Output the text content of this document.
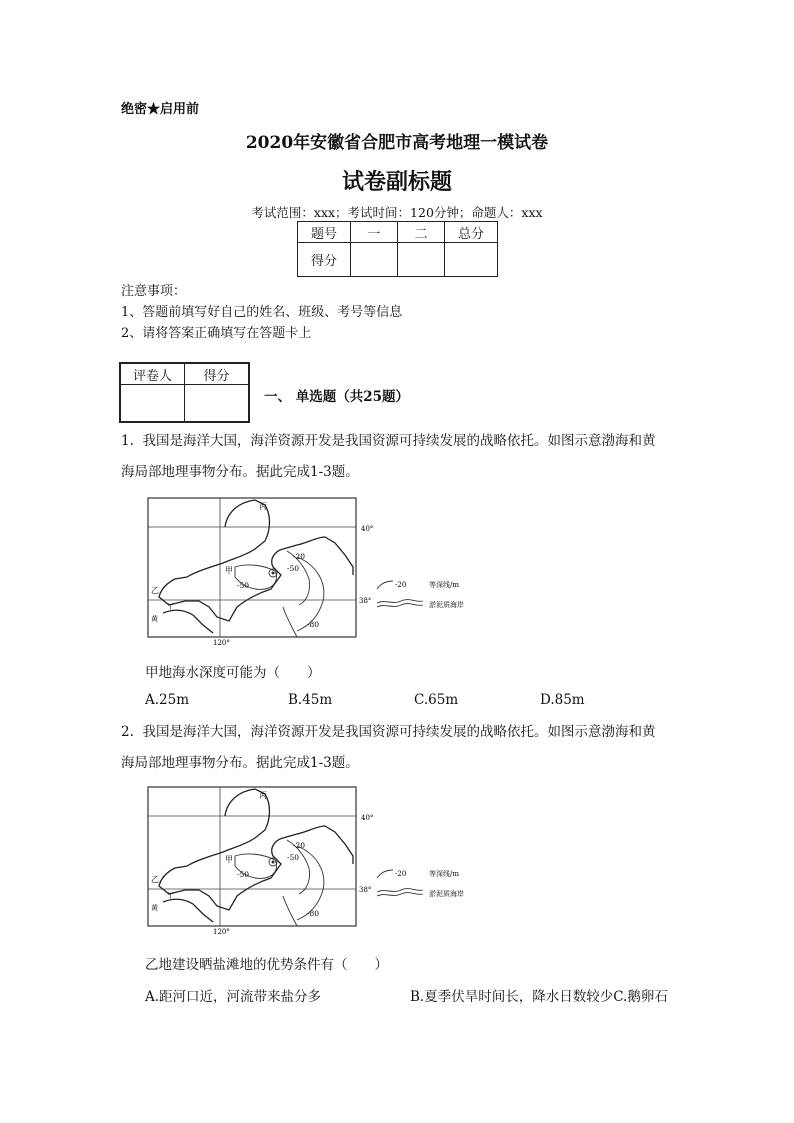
绝密★启用前
2020年安徽省合肥市高考地理一模试卷
试卷副标题
考试范围：xxx；考试时间：120分钟；命题人：xxx
题号	一	二	总分
得分			
注意事项：
1、答题前填写好自己的姓名、班级、考号等信息
2、请将答案正确填写在答题卡上
评卷人	得分

一、 单选题（共25题）
1. 我国是海洋大国，海洋资源开发是我国资源可持续发展的战略依托。如图示意渤海和黄
海局部地理事物分布。据此完成1-3题。
丙
甲
乙
丫
黄
40°
38°
120°
-20
-50
-50
-80
-20	等深线/m
淤泥质海岸
甲地海水深度可能为（　　）
A.25m	B.45m	C.65m	D.85m
2. 我国是海洋大国，海洋资源开发是我国资源可持续发展的战略依托。如图示意渤海和黄
海局部地理事物分布。据此完成1-3题。
丙
甲
乙
丫
黄
40°
38°
120°
-20
-50
-50
-80
-20	等深线/m
淤泥质海岸
乙地建设晒盐滩地的优势条件有（　　）
A.距河口近，河流带来盐分多	B.夏季伏旱时间长，降水日数较少C.鹅卵石
